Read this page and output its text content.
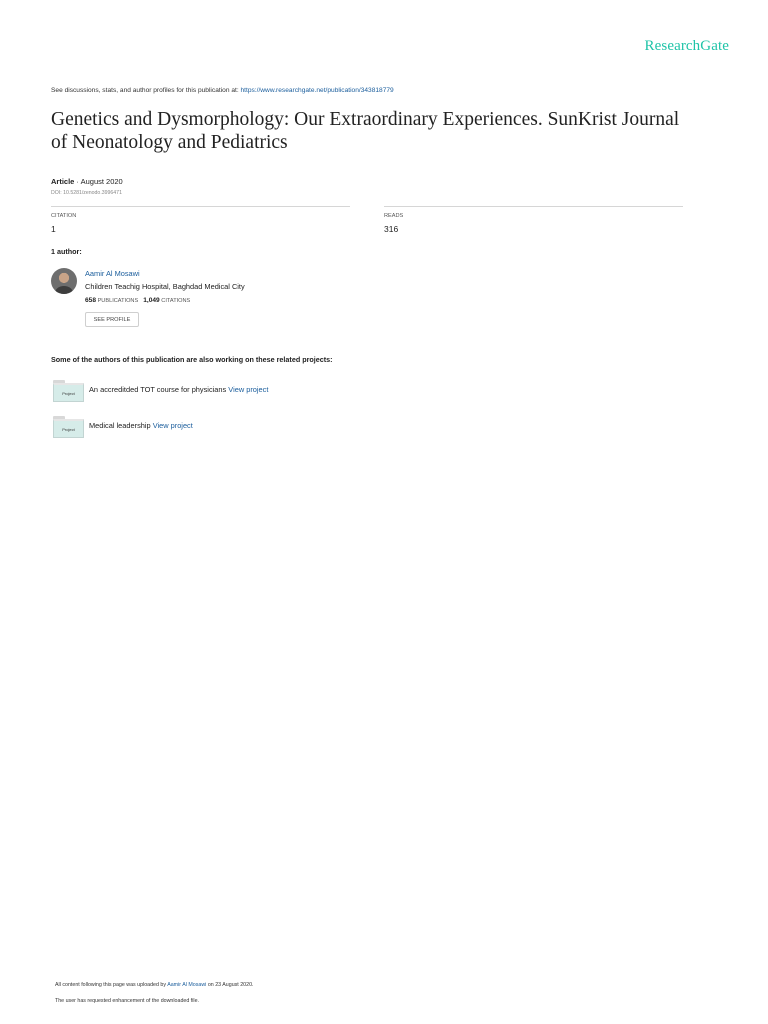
ResearchGate
See discussions, stats, and author profiles for this publication at: https://www.researchgate.net/publication/343818779
Genetics and Dysmorphology: Our Extraordinary Experiences. SunKrist Journal of Neonatology and Pediatrics
Article · August 2020
DOI: 10.5281/zenodo.3996471
CITATION
1
READS
316
1 author:
Aamir Al Mosawi
Children Teachig Hospital, Baghdad Medical City
658 PUBLICATIONS 1,049 CITATIONS
SEE PROFILE
Some of the authors of this publication are also working on these related projects:
Project	An accreditded TOT course for physicians View project
Project	Medical leadership View project
All content following this page was uploaded by Aamir Al Mosawi on 23 August 2020.
The user has requested enhancement of the downloaded file.
